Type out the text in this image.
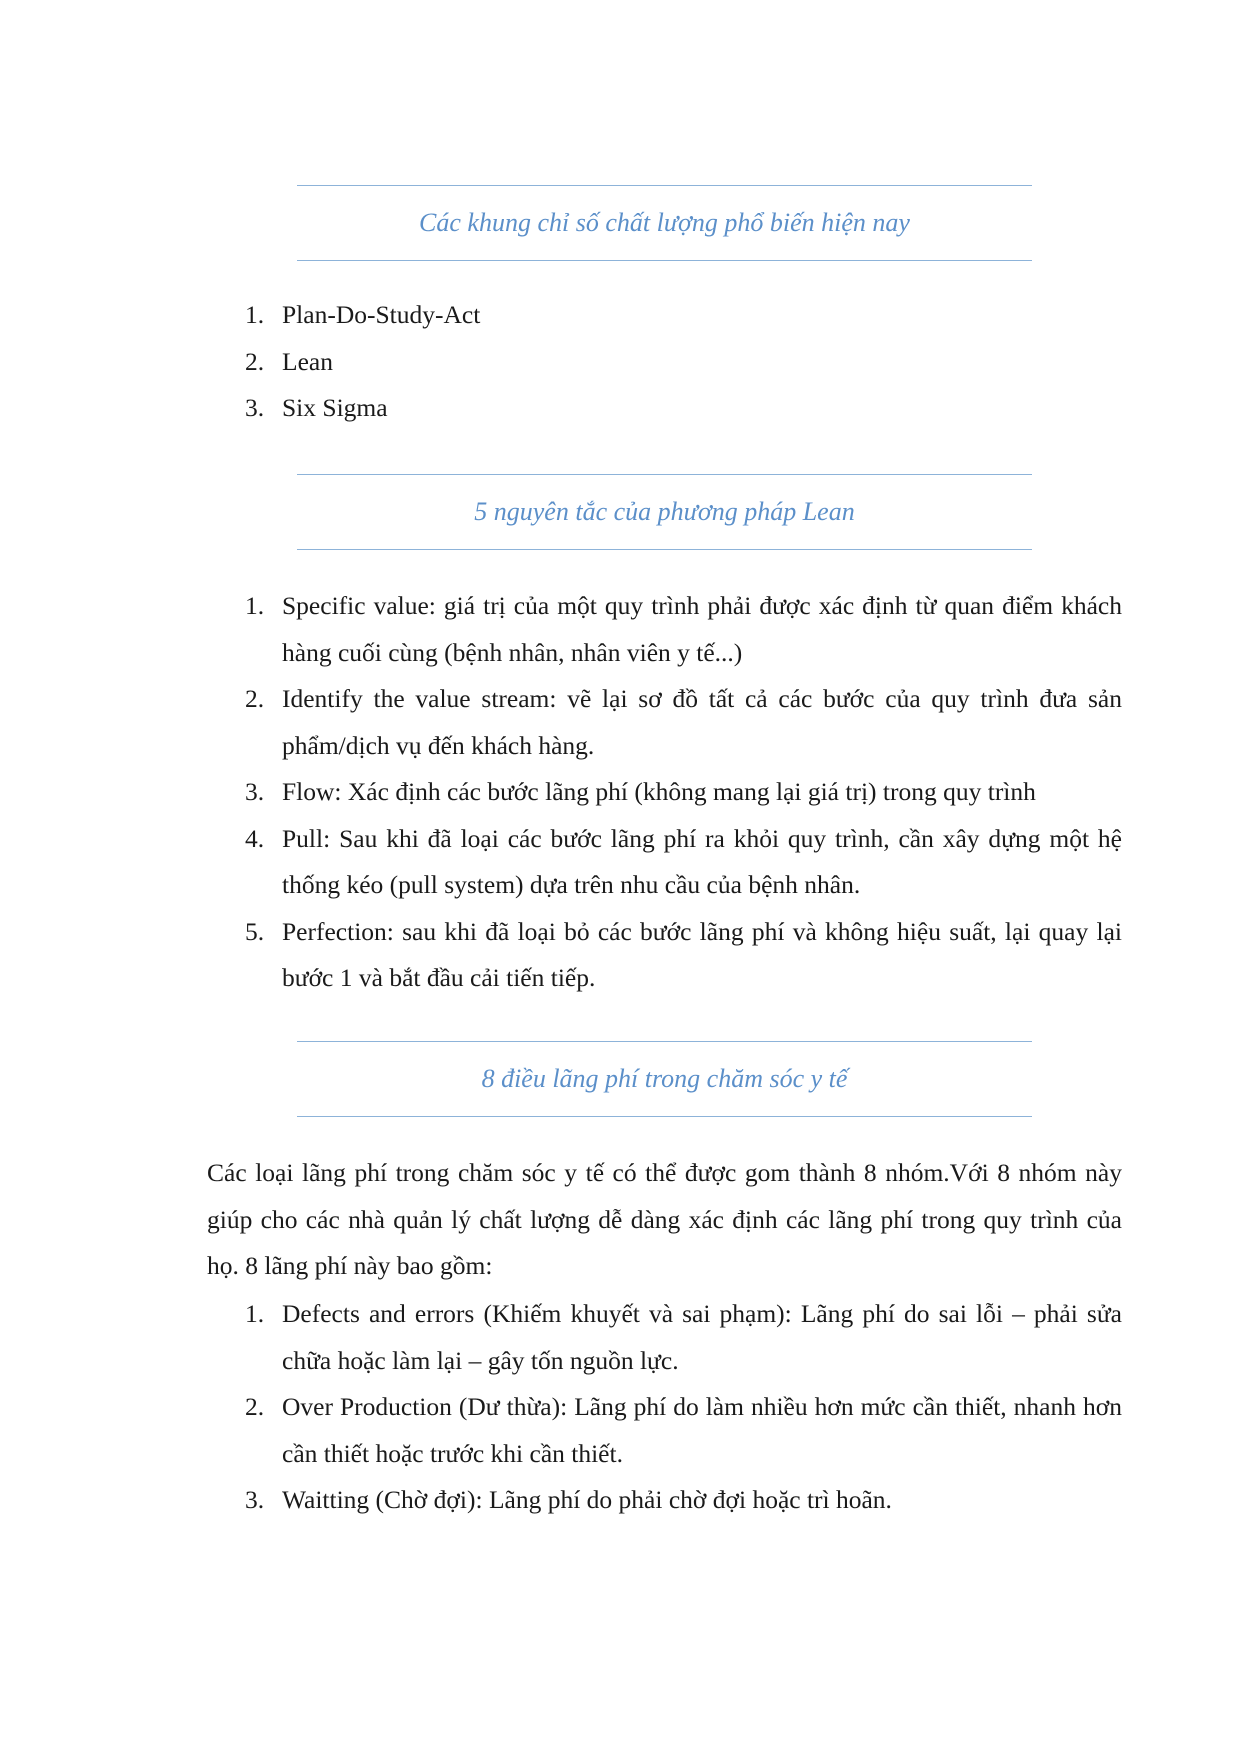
Các khung chỉ số chất lượng phổ biến hiện nay
1. Plan-Do-Study-Act
2. Lean
3. Six Sigma
5 nguyên tắc của phương pháp Lean
1. Specific value: giá trị của một quy trình phải được xác định từ quan điểm khách hàng cuối cùng (bệnh nhân, nhân viên y tế...)
2. Identify the value stream: vẽ lại sơ đồ tất cả các bước của quy trình đưa sản phẩm/dịch vụ đến khách hàng.
3. Flow: Xác định các bước lãng phí (không mang lại giá trị) trong quy trình
4. Pull: Sau khi đã loại các bước lãng phí ra khỏi quy trình, cần xây dựng một hệ thống kéo (pull system) dựa trên nhu cầu của bệnh nhân.
5. Perfection: sau khi đã loại bỏ các bước lãng phí và không hiệu suất, lại quay lại bước 1 và bắt đầu cải tiến tiếp.
8 điều lãng phí trong chăm sóc y tế

Các loại lãng phí trong chăm sóc y tế có thể được gom thành 8 nhóm.Với 8 nhóm này giúp cho các nhà quản lý chất lượng dễ dàng xác định các lãng phí trong quy trình của họ. 8 lãng phí này bao gồm:

1. Defects and errors (Khiếm khuyết và sai phạm): Lãng phí do sai lỗi – phải sửa chữa hoặc làm lại – gây tốn nguồn lực.
2. Over Production (Dư thừa): Lãng phí do làm nhiều hơn mức cần thiết, nhanh hơn cần thiết hoặc trước khi cần thiết.
3. Waitting (Chờ đợi): Lãng phí do phải chờ đợi hoặc trì hoãn.
